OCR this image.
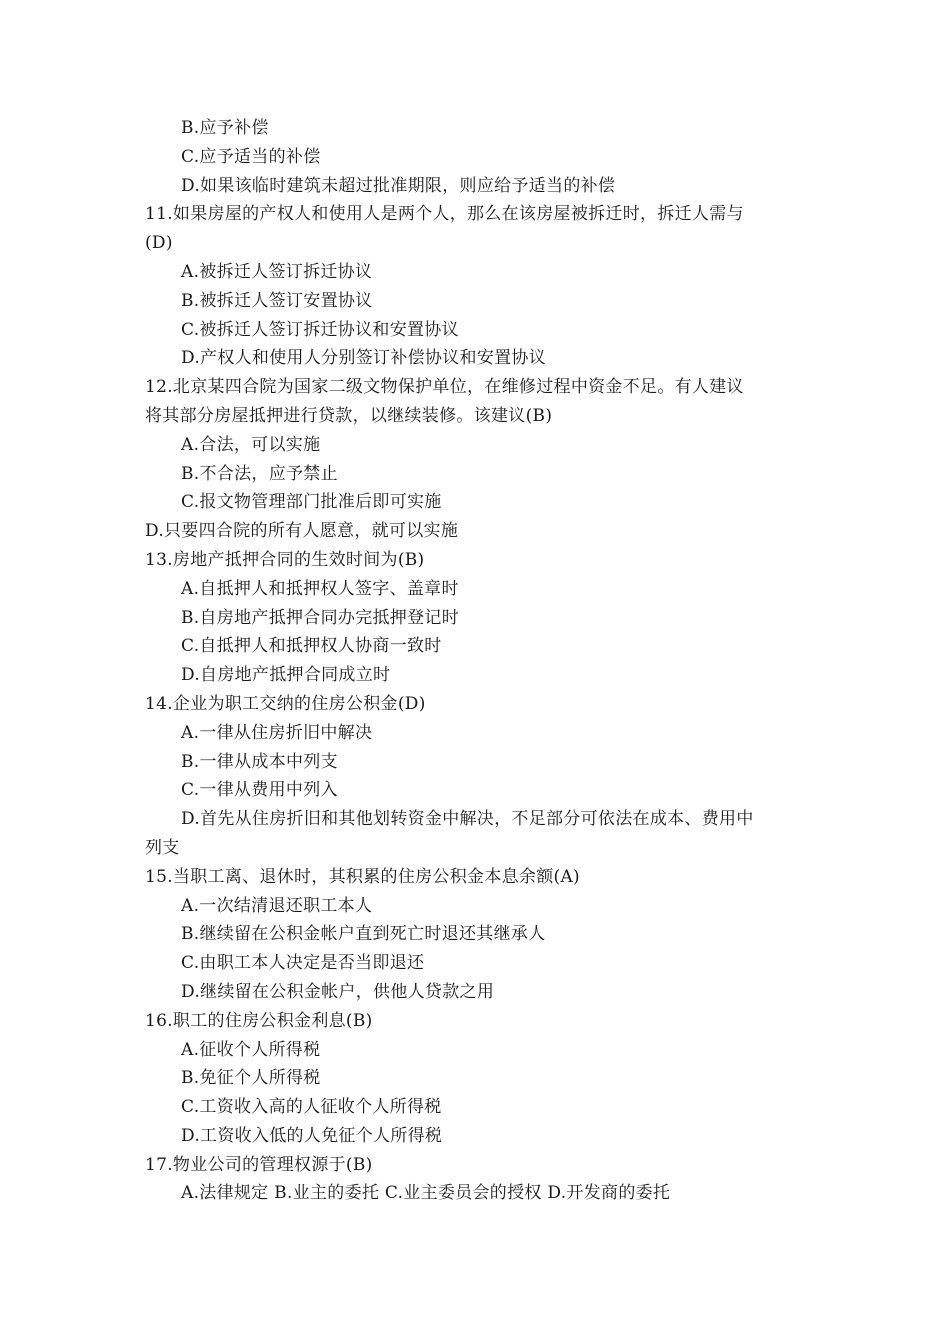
B.应予补偿
C.应予适当的补偿
D.如果该临时建筑未超过批准期限，则应给予适当的补偿
11.如果房屋的产权人和使用人是两个人，那么在该房屋被拆迁时，拆迁人需与
(D)
A.被拆迁人签订拆迁协议
B.被拆迁人签订安置协议
C.被拆迁人签订拆迁协议和安置协议
D.产权人和使用人分别签订补偿协议和安置协议
12.北京某四合院为国家二级文物保护单位，在维修过程中资金不足。有人建议
将其部分房屋抵押进行贷款，以继续装修。该建议(B)
A.合法，可以实施
B.不合法，应予禁止
C.报文物管理部门批准后即可实施
D.只要四合院的所有人愿意，就可以实施
13.房地产抵押合同的生效时间为(B)
A.自抵押人和抵押权人签字、盖章时
B.自房地产抵押合同办完抵押登记时
C.自抵押人和抵押权人协商一致时
D.自房地产抵押合同成立时
14.企业为职工交纳的住房公积金(D)
A.一律从住房折旧中解决
B.一律从成本中列支
C.一律从费用中列入
D.首先从住房折旧和其他划转资金中解决，不足部分可依法在成本、费用中
列支
15.当职工离、退休时，其积累的住房公积金本息余额(A)
A.一次结清退还职工本人
B.继续留在公积金帐户直到死亡时退还其继承人
C.由职工本人决定是否当即退还
D.继续留在公积金帐户，供他人贷款之用
16.职工的住房公积金利息(B)
A.征收个人所得税
B.免征个人所得税
C.工资收入高的人征收个人所得税
D.工资收入低的人免征个人所得税
17.物业公司的管理权源于(B)
A.法律规定 B.业主的委托 C.业主委员会的授权 D.开发商的委托
